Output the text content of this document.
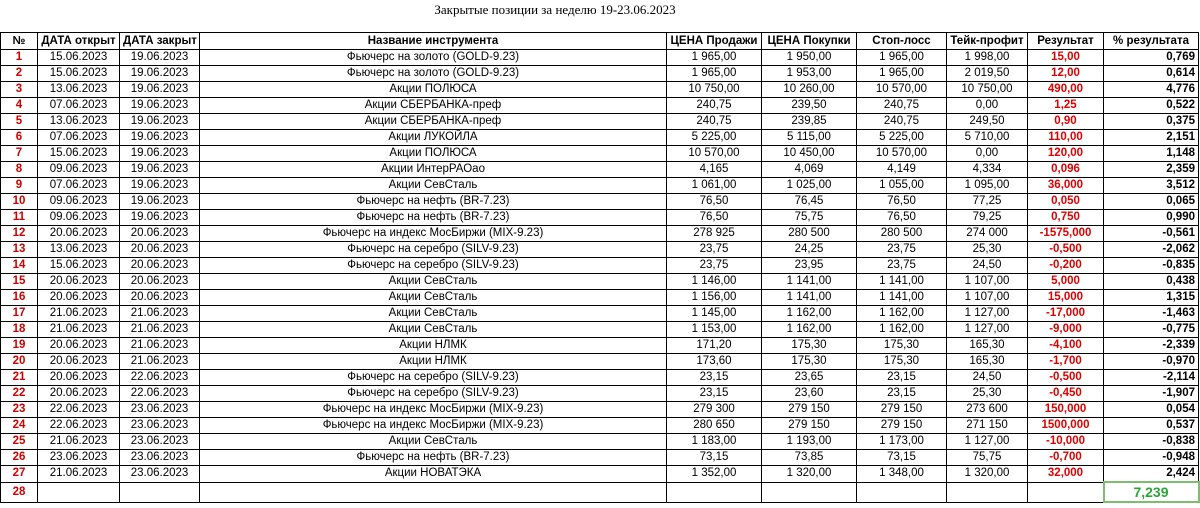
Закрытые позиции за неделю 19-23.06.2023
№	ДАТА открыт	ДАТА закрыт	Название инструмента	ЦЕНА Продажи	ЦЕНА Покупки	Стоп-лосс	Тейк-профит	Результат	% результата
1	15.06.2023	19.06.2023	Фьючерс на золото (GOLD-9.23)	1 965,00	1 950,00	1 965,00	1 998,00	15,00	0,769
2	15.06.2023	19.06.2023	Фьючерс на золото (GOLD-9.23)	1 965,00	1 953,00	1 965,00	2 019,50	12,00	0,614
3	13.06.2023	19.06.2023	Акции ПОЛЮСА	10 750,00	10 260,00	10 570,00	10 750,00	490,00	4,776
4	07.06.2023	19.06.2023	Акции СБЕРБАНКА-преф	240,75	239,50	240,75	0,00	1,25	0,522
5	13.06.2023	19.06.2023	Акции СБЕРБАНКА-преф	240,75	239,85	240,75	249,50	0,90	0,375
6	07.06.2023	19.06.2023	Акции ЛУКОЙЛА	5 225,00	5 115,00	5 225,00	5 710,00	110,00	2,151
7	15.06.2023	19.06.2023	Акции ПОЛЮСА	10 570,00	10 450,00	10 570,00	0,00	120,00	1,148
8	09.06.2023	19.06.2023	Акции ИнтерРАОао	4,165	4,069	4,149	4,334	0,096	2,359
9	07.06.2023	19.06.2023	Акции СевСталь	1 061,00	1 025,00	1 055,00	1 095,00	36,000	3,512
10	09.06.2023	19.06.2023	Фьючерс на нефть (BR-7.23)	76,50	76,45	76,50	77,25	0,050	0,065
11	09.06.2023	19.06.2023	Фьючерс на нефть (BR-7.23)	76,50	75,75	76,50	79,25	0,750	0,990
12	20.06.2023	20.06.2023	Фьючерс на индекс МосБиржи (MIX-9.23)	278 925	280 500	280 500	274 000	-1575,000	-0,561
13	13.06.2023	20.06.2023	Фьючерс на серебро (SILV-9.23)	23,75	24,25	23,75	25,30	-0,500	-2,062
14	15.06.2023	20.06.2023	Фьючерс на серебро (SILV-9.23)	23,75	23,95	23,75	24,50	-0,200	-0,835
15	20.06.2023	20.06.2023	Акции СевСталь	1 146,00	1 141,00	1 141,00	1 107,00	5,000	0,438
16	20.06.2023	20.06.2023	Акции СевСталь	1 156,00	1 141,00	1 141,00	1 107,00	15,000	1,315
17	21.06.2023	21.06.2023	Акции СевСталь	1 145,00	1 162,00	1 162,00	1 127,00	-17,000	-1,463
18	21.06.2023	21.06.2023	Акции СевСталь	1 153,00	1 162,00	1 162,00	1 127,00	-9,000	-0,775
19	20.06.2023	21.06.2023	Акции НЛМК	171,20	175,30	175,30	165,30	-4,100	-2,339
20	20.06.2023	21.06.2023	Акции НЛМК	173,60	175,30	175,30	165,30	-1,700	-0,970
21	20.06.2023	22.06.2023	Фьючерс на серебро (SILV-9.23)	23,15	23,65	23,15	24,50	-0,500	-2,114
22	20.06.2023	22.06.2023	Фьючерс на серебро (SILV-9.23)	23,15	23,60	23,15	25,30	-0,450	-1,907
23	22.06.2023	23.06.2023	Фьючерс на индекс МосБиржи (MIX-9.23)	279 300	279 150	279 150	273 600	150,000	0,054
24	22.06.2023	23.06.2023	Фьючерс на индекс МосБиржи (MIX-9.23)	280 650	279 150	279 150	271 150	1500,000	0,537
25	21.06.2023	23.06.2023	Акции СевСталь	1 183,00	1 193,00	1 173,00	1 127,00	-10,000	-0,838
26	23.06.2023	23.06.2023	Фьючерс на нефть (BR-7.23)	73,15	73,85	73,15	75,75	-0,700	-0,948
27	21.06.2023	23.06.2023	Акции НОВАТЭКА	1 352,00	1 320,00	1 348,00	1 320,00	32,000	2,424
28									7,239
